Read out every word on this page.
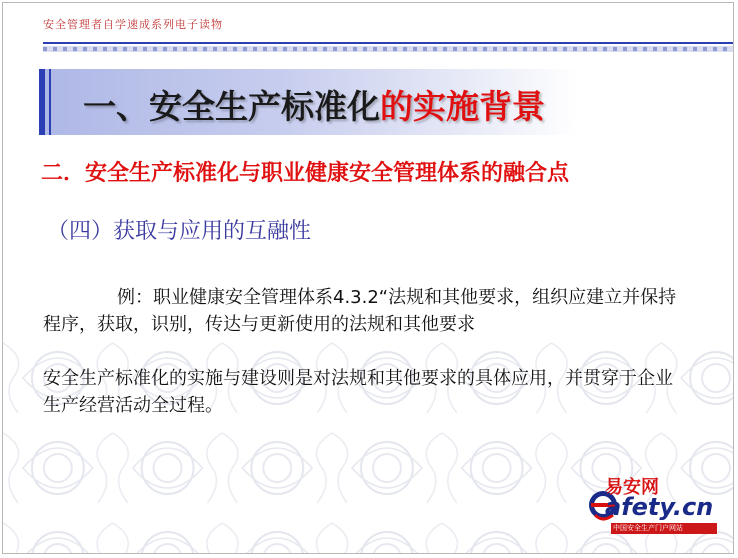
安全管理者自学速成系列电子读物
一、安全生产标准化的实施背景
二．安全生产标准化与职业健康安全管理体系的融合点
（四）获取与应用的互融性
例：职业健康安全管理体系4.3.2“法规和其他要求，组织应建立并保持程序，获取，识别，传达与更新使用的法规和其他要求
安全生产标准化的实施与建设则是对法规和其他要求的具体应用，并贯穿于企业生产经营活动全过程。
易安网
afety.cn
中国安全生产门户网站
